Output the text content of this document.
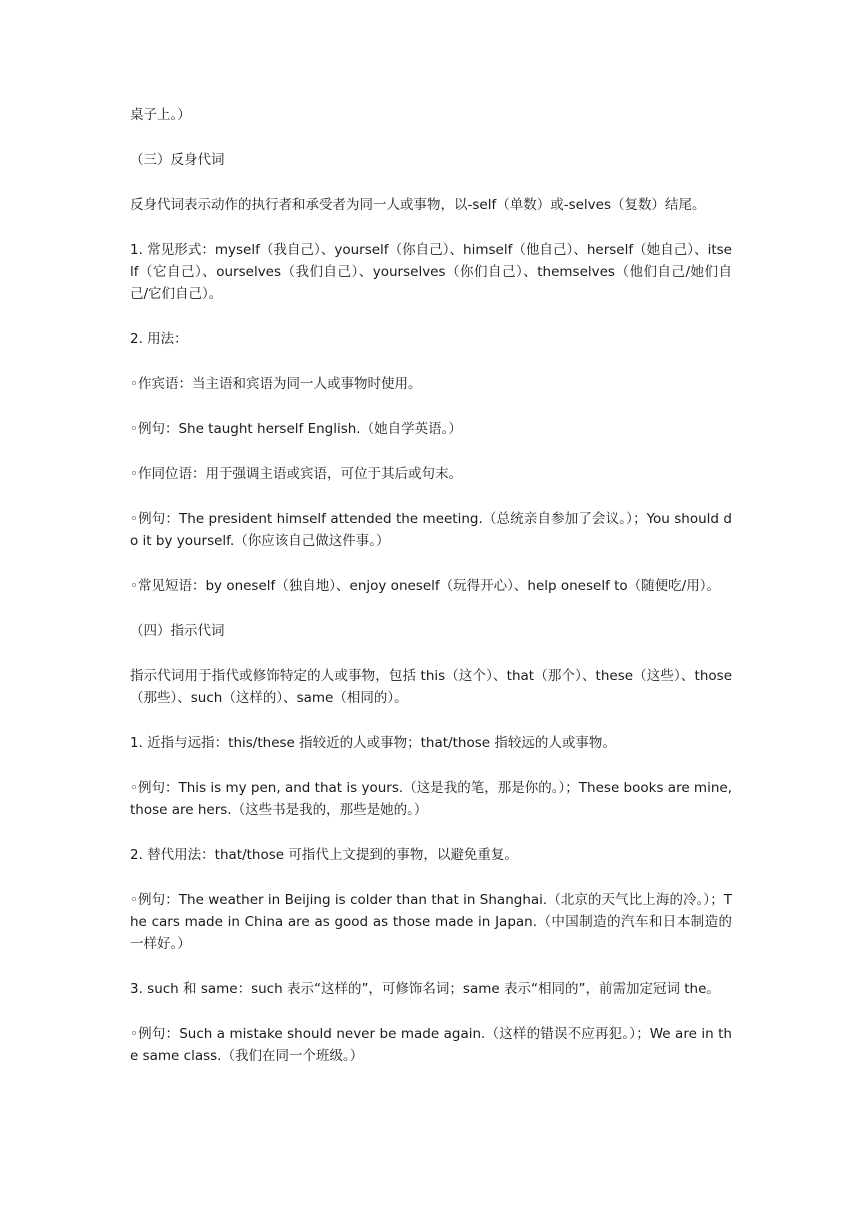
桌子上。）

（三）反身代词

反身代词表示动作的执行者和承受者为同一人或事物，以-self（单数）或-selves（复数）结尾。

1. 常见形式：myself（我自己）、yourself（你自己）、himself（他自己）、herself（她自己）、itself（它自己）、ourselves（我们自己）、yourselves（你们自己）、themselves（他们自己/她们自己/它们自己）。

2. 用法：

◦作宾语：当主语和宾语为同一人或事物时使用。

◦例句：She taught herself English.（她自学英语。）

◦作同位语：用于强调主语或宾语，可位于其后或句末。

◦例句：The president himself attended the meeting.（总统亲自参加了会议。）；You should do it by yourself.（你应该自己做这件事。）

◦常见短语：by oneself（独自地）、enjoy oneself（玩得开心）、help oneself to（随便吃/用）。

（四）指示代词

指示代词用于指代或修饰特定的人或事物，包括 this（这个）、that（那个）、these（这些）、those（那些）、such（这样的）、same（相同的）。

1. 近指与远指：this/these 指较近的人或事物；that/those 指较远的人或事物。

◦例句：This is my pen, and that is yours.（这是我的笔，那是你的。）；These books are mine, those are hers.（这些书是我的，那些是她的。）

2. 替代用法：that/those 可指代上文提到的事物，以避免重复。

◦例句：The weather in Beijing is colder than that in Shanghai.（北京的天气比上海的冷。）；The cars made in China are as good as those made in Japan.（中国制造的汽车和日本制造的一样好。）

3. such 和 same：such 表示“这样的”，可修饰名词；same 表示“相同的”，前需加定冠词 the。

◦例句：Such a mistake should never be made again.（这样的错误不应再犯。）；We are in the same class.（我们在同一个班级。）
